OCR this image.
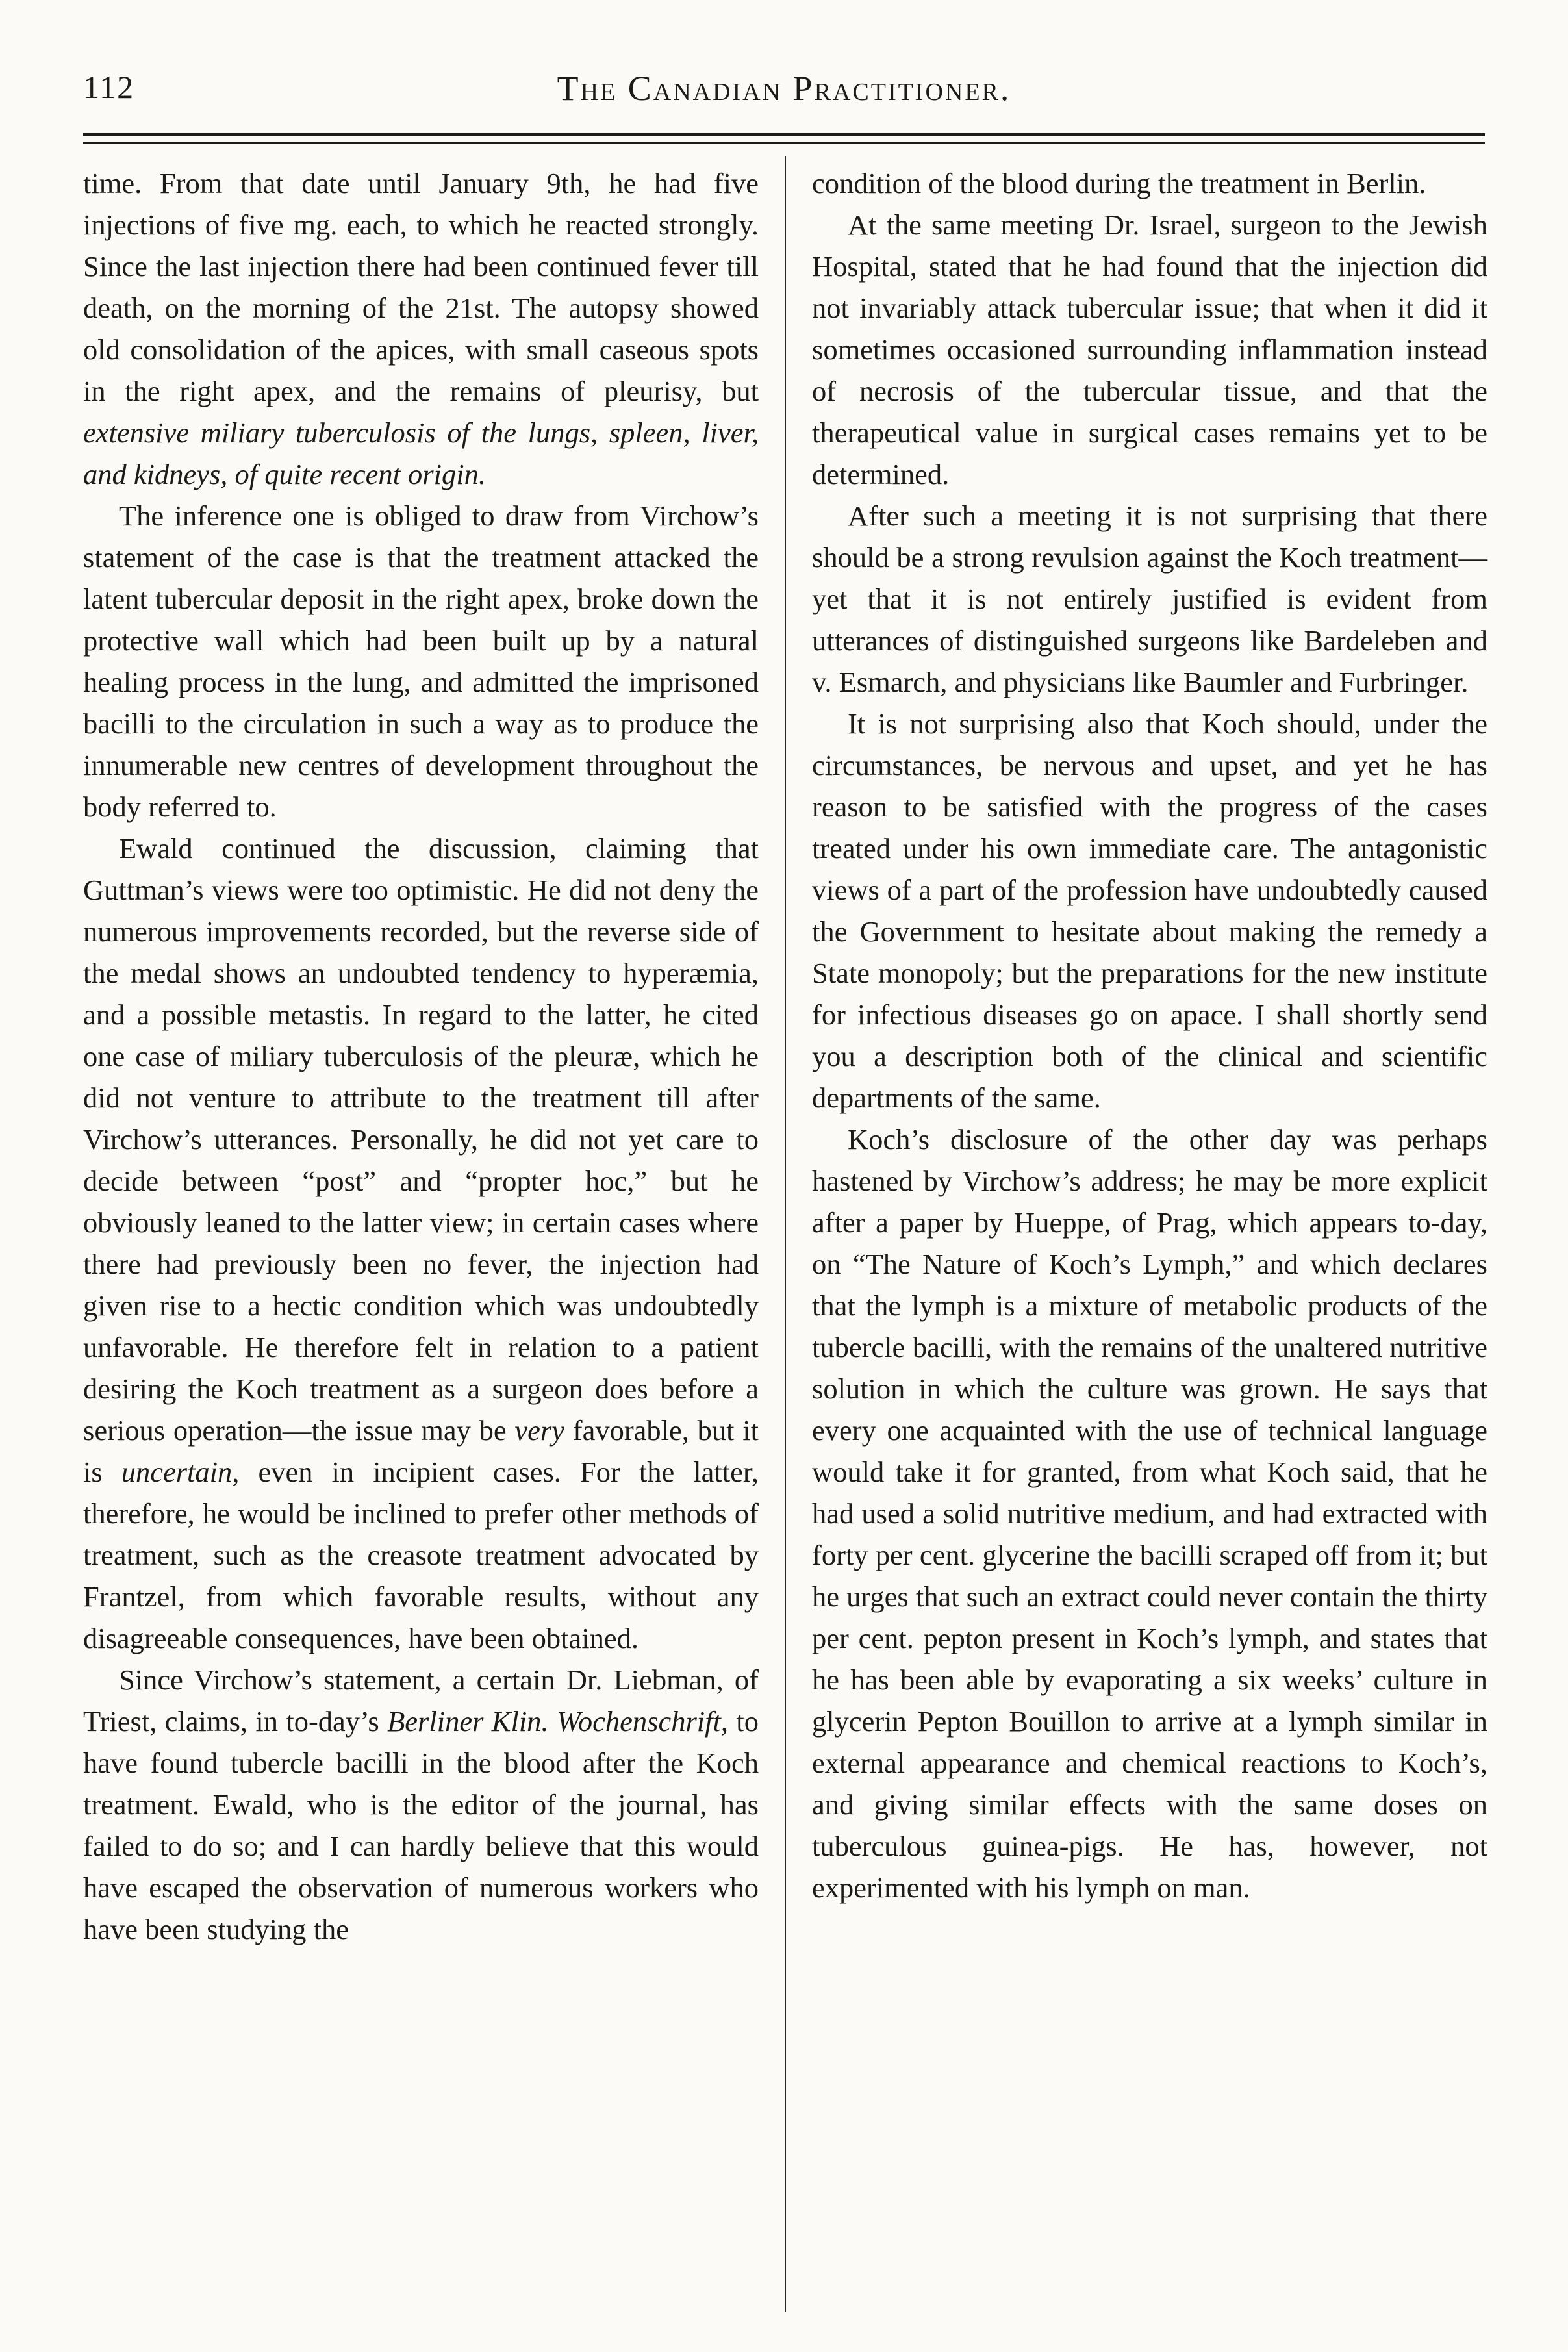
112	The Canadian Practitioner.

time. From that date until January 9th, he had five injections of five mg. each, to which he reacted strongly. Since the last injection there had been continued fever till death, on the morning of the 21st. The autopsy showed old consolidation of the apices, with small caseous spots in the right apex, and the remains of pleurisy, but extensive miliary tuberculosis of the lungs, spleen, liver, and kidneys, of quite recent origin.

The inference one is obliged to draw from Virchow’s statement of the case is that the treatment attacked the latent tubercular deposit in the right apex, broke down the protective wall which had been built up by a natural healing process in the lung, and admitted the imprisoned bacilli to the circulation in such a way as to produce the innumerable new centres of development throughout the body referred to.

Ewald continued the discussion, claiming that Guttman’s views were too optimistic. He did not deny the numerous improvements recorded, but the reverse side of the medal shows an undoubted tendency to hyperæmia, and a possible metastis. In regard to the latter, he cited one case of miliary tuberculosis of the pleuræ, which he did not venture to attribute to the treatment till after Virchow’s utterances. Personally, he did not yet care to decide between “post” and “propter hoc,” but he obviously leaned to the latter view; in certain cases where there had previously been no fever, the injection had given rise to a hectic condition which was undoubtedly unfavorable. He therefore felt in relation to a patient desiring the Koch treatment as a surgeon does before a serious operation—the issue may be very favorable, but it is uncertain, even in incipient cases. For the latter, therefore, he would be inclined to prefer other methods of treatment, such as the creasote treatment advocated by Frantzel, from which favorable results, without any disagreeable consequences, have been obtained.

Since Virchow’s statement, a certain Dr. Liebman, of Triest, claims, in to-day’s Berliner Klin. Wochenschrift, to have found tubercle bacilli in the blood after the Koch treatment. Ewald, who is the editor of the journal, has failed to do so; and I can hardly believe that this would have escaped the observation of numerous workers who have been studying the

condition of the blood during the treatment in Berlin.

At the same meeting Dr. Israel, surgeon to the Jewish Hospital, stated that he had found that the injection did not invariably attack tubercular issue; that when it did it sometimes occasioned surrounding inflammation instead of necrosis of the tubercular tissue, and that the therapeutical value in surgical cases remains yet to be determined.

After such a meeting it is not surprising that there should be a strong revulsion against the Koch treatment—yet that it is not entirely justified is evident from utterances of distinguished surgeons like Bardeleben and v. Esmarch, and physicians like Baumler and Furbringer.

It is not surprising also that Koch should, under the circumstances, be nervous and upset, and yet he has reason to be satisfied with the progress of the cases treated under his own immediate care. The antagonistic views of a part of the profession have undoubtedly caused the Government to hesitate about making the remedy a State monopoly; but the preparations for the new institute for infectious diseases go on apace. I shall shortly send you a description both of the clinical and scientific departments of the same.

Koch’s disclosure of the other day was perhaps hastened by Virchow’s address; he may be more explicit after a paper by Hueppe, of Prag, which appears to-day, on “The Nature of Koch’s Lymph,” and which declares that the lymph is a mixture of metabolic products of the tubercle bacilli, with the remains of the unaltered nutritive solution in which the culture was grown. He says that every one acquainted with the use of technical language would take it for granted, from what Koch said, that he had used a solid nutritive medium, and had extracted with forty per cent. glycerine the bacilli scraped off from it; but he urges that such an extract could never contain the thirty per cent. pepton present in Koch’s lymph, and states that he has been able by evaporating a six weeks’ culture in glycerin Pepton Bouillon to arrive at a lymph similar in external appearance and chemical reactions to Koch’s, and giving similar effects with the same doses on tuberculous guinea-pigs. He has, however, not experimented with his lymph on man.
